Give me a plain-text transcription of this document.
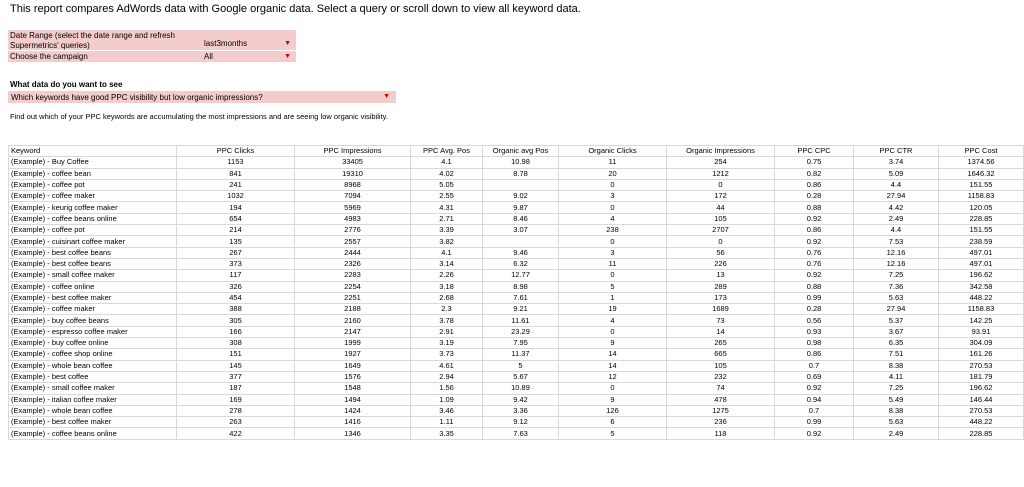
This report compares AdWords data with Google organic data. Select a query or scroll down to view all keyword data.
Date Range (select the date range and refresh Supermetrics' queries)	last3months	▼
Choose the campaign	All	▼
What data do you want to see
Which keywords have good PPC visibility but low organic impressions?	▼
Find out which of your PPC keywords are accumulating the most impressions and are seeing low organic visibility.
Keyword	PPC Clicks	PPC Impressions	PPC Avg. Pos	Organic avg Pos	Organic Clicks	Organic Impressions	PPC CPC	PPC CTR	PPC Cost
(Example) - Buy Coffee	1153	33405	4.1	10.98	11	254	0.75	3.74	1374.56
(Example) - coffee bean	841	19310	4.02	8.78	20	1212	0.82	5.09	1646.32
(Example) - coffee pot	241	8968	5.05		0	0	0.86	4.4	151.55
(Example) - coffee maker	1032	7094	2.55	9.02	3	172	0.28	27.94	1158.83
(Example) - keurig coffee maker	194	5969	4.31	9.87	0	44	0.88	4.42	120.05
(Example) - coffee beans online	654	4983	2.71	8.46	4	105	0.92	2.49	228.85
(Example) - coffee pot	214	2776	3.39	3.07	238	2707	0.86	4.4	151.55
(Example) - cuisinart coffee maker	135	2557	3.82		0	0	0.92	7.53	238.59
(Example) - best coffee beans	267	2444	4.1	9.46	3	56	0.76	12.16	497.01
(Example) - best coffee beans	373	2326	3.14	6.32	11	226	0.76	12.16	497.01
(Example) - small coffee maker	117	2283	2.26	12.77	0	13	0.92	7.25	196.62
(Example) - coffee online	326	2254	3.18	8.98	5	289	0.88	7.36	342.58
(Example) - best coffee maker	454	2251	2.68	7.61	1	173	0.99	5.63	448.22
(Example) - coffee maker	388	2188	2.3	9.21	19	1689	0.28	27.94	1158.83
(Example) - buy coffee beans	305	2160	3.78	11.61	4	73	0.56	5.37	142.25
(Example) - espresso coffee maker	166	2147	2.91	23.29	0	14	0.93	3.67	93.91
(Example) - buy coffee online	308	1999	3.19	7.95	9	265	0.98	6.35	304.09
(Example) - coffee shop online	151	1927	3.73	11.37	14	665	0.86	7.51	161.26
(Example) - whole bean coffee	145	1649	4.61	5	14	105	0.7	8.38	270.53
(Example) - best coffee	377	1576	2.94	5.67	12	232	0.69	4.11	181.79
(Example) - small coffee maker	187	1548	1.56	10.89	0	74	0.92	7.25	196.62
(Example) - italian coffee maker	169	1494	1.09	9.42	9	478	0.94	5.49	146.44
(Example) - whole bean coffee	278	1424	3.46	3.36	126	1275	0.7	8.38	270.53
(Example) - best coffee maker	263	1416	1.11	9.12	6	236	0.99	5.63	448.22
(Example) - coffee beans online	422	1346	3.35	7.63	5	118	0.92	2.49	228.85
